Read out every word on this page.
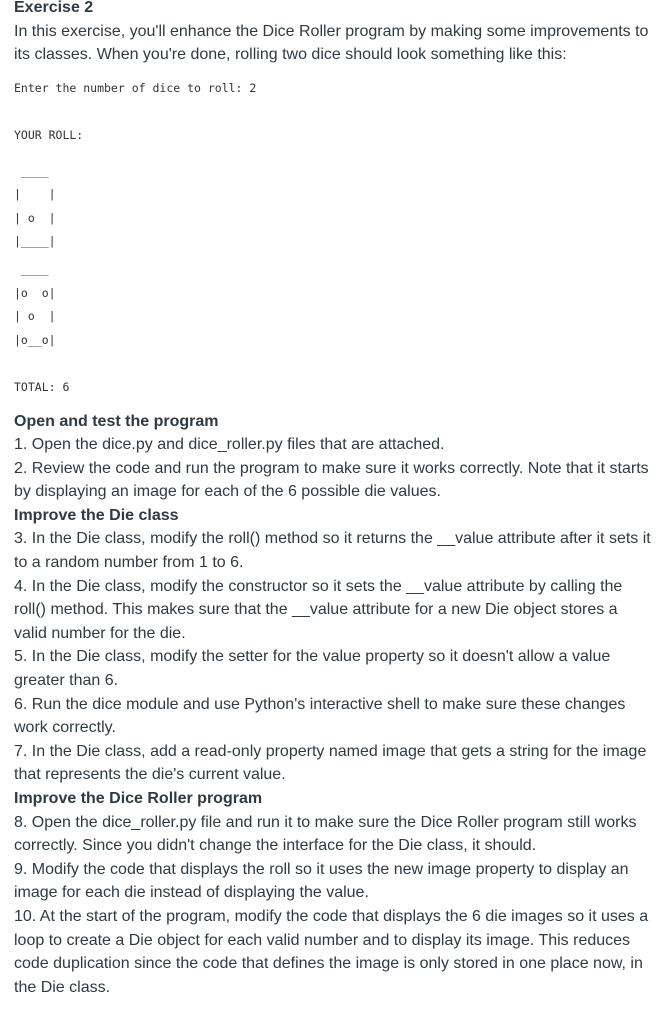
Exercise 2

In this exercise, you'll enhance the Dice Roller program by making some improvements to its classes. When you're done, rolling two dice should look something like this:

Enter the number of dice to roll: 2

YOUR ROLL:

____

|    |

| o  |

|____|

____

|o  o|

| o  |

|o__o|

TOTAL: 6

Open and test the program

1. Open the dice.py and dice_roller.py files that are attached.

2. Review the code and run the program to make sure it works correctly. Note that it starts by displaying an image for each of the 6 possible die values.

Improve the Die class

3. In the Die class, modify the roll() method so it returns the __value attribute after it sets it to a random number from 1 to 6.

4. In the Die class, modify the constructor so it sets the __value attribute by calling the roll() method. This makes sure that the __value attribute for a new Die object stores a valid number for the die.

5. In the Die class, modify the setter for the value property so it doesn't allow a value greater than 6.

6. Run the dice module and use Python's interactive shell to make sure these changes work correctly.

7. In the Die class, add a read-only property named image that gets a string for the image that represents the die's current value.

Improve the Dice Roller program

8. Open the dice_roller.py file and run it to make sure the Dice Roller program still works correctly. Since you didn't change the interface for the Die class, it should.

9. Modify the code that displays the roll so it uses the new image property to display an image for each die instead of displaying the value.

10. At the start of the program, modify the code that displays the 6 die images so it uses a loop to create a Die object for each valid number and to display its image. This reduces code duplication since the code that defines the image is only stored in one place now, in the Die class.
